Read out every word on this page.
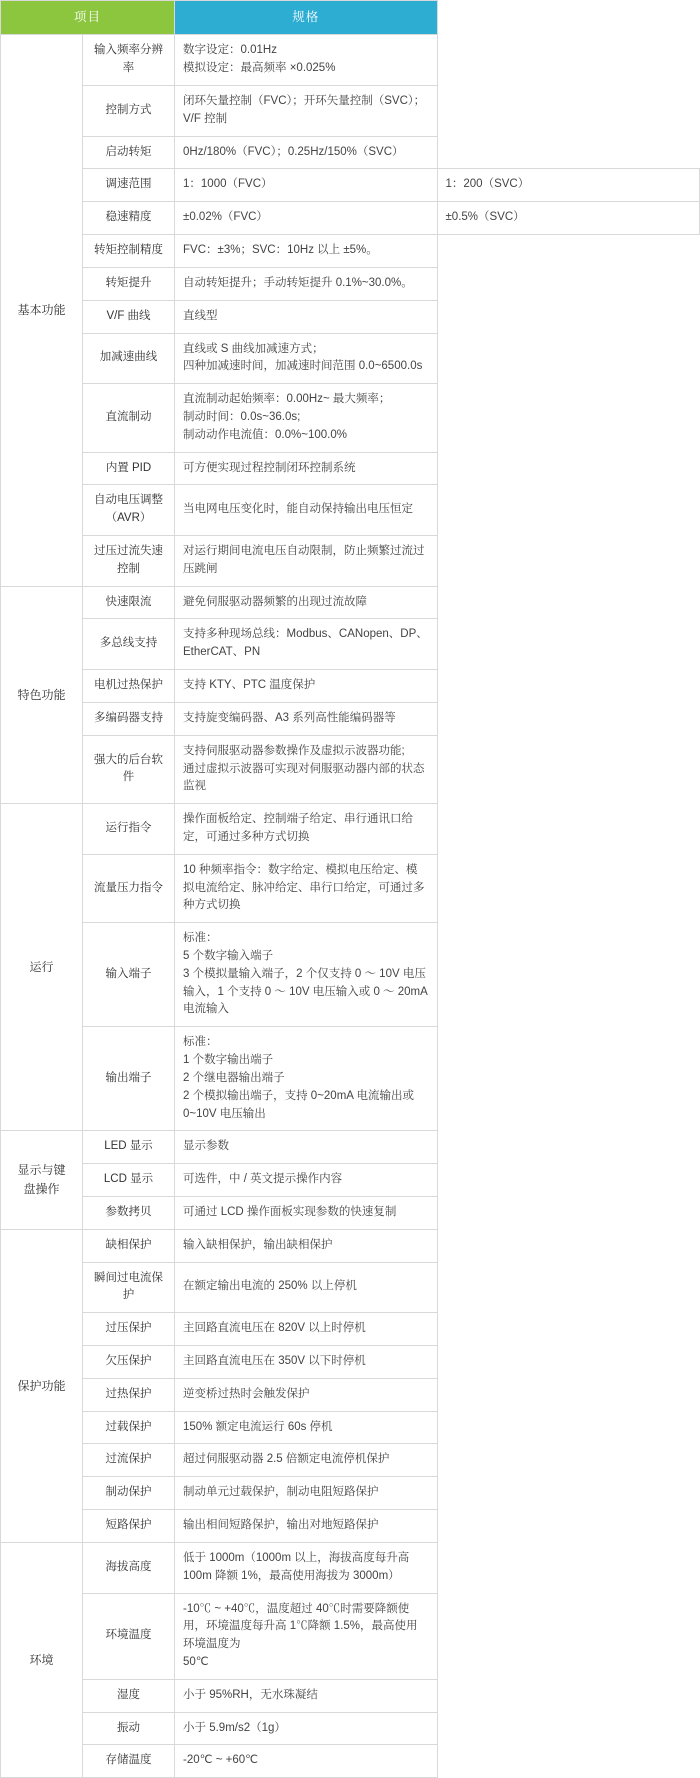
项目		规格	
基本功能	输入频率分辨率	数字设定：0.01Hz
模拟设定：最高频率 ×0.025%	
	控制方式	闭环矢量控制（FVC）；开环矢量控制（SVC）；V/F 控制	
	启动转矩	0Hz/180%（FVC）；0.25Hz/150%（SVC）	
	调速范围	1：1000（FVC）	1：200（SVC）
	稳速精度	±0.02%（FVC）	±0.5%（SVC）
	转矩控制精度	FVC：±3%；SVC：10Hz 以上 ±5%。	
	转矩提升	自动转矩提升；手动转矩提升 0.1%~30.0%。	
	V/F 曲线	直线型	
	加减速曲线	直线或 S 曲线加减速方式；
四种加减速时间，加减速时间范围 0.0~6500.0s	
	直流制动	直流制动起始频率：0.00Hz~ 最大频率；
制动时间：0.0s~36.0s;
制动动作电流值：0.0%~100.0%	
	内置 PID	可方便实现过程控制闭环控制系统	
	自动电压调整
（AVR）	当电网电压变化时，能自动保持输出电压恒定	
	过压过流失速控制	对运行期间电流电压自动限制，防止频繁过流过压跳闸	
特色功能	快速限流	避免伺服驱动器频繁的出现过流故障	
	多总线支持	支持多种现场总线：Modbus、CANopen、DP、EtherCAT、PN	
	电机过热保护	支持 KTY、PTC 温度保护	
	多编码器支持	支持旋变编码器、A3 系列高性能编码器等	
	强大的后台软件	支持伺服驱动器参数操作及虚拟示波器功能;
通过虚拟示波器可实现对伺服驱动器内部的状态监视	
运行	运行指令	操作面板给定、控制端子给定、串行通讯口给定，可通过多种方式切换	
	流量压力指令	10 种频率指令：数字给定、模拟电压给定、模拟电流给定、脉冲给定、串行口给定，可通过多种方式切换	
	输入端子	标准：
5 个数字输入端子
3 个模拟量输入端子，2 个仅支持 0 ～ 10V 电压输入，1 个支持 0 ～ 10V 电压输入或 0 ～ 20mA 电流输入	
	输出端子	标准：
1 个数字输出端子
2 个继电器输出端子
2 个模拟输出端子，支持 0~20mA 电流输出或 0~10V 电压输出	
显示与键
盘操作	LED 显示	显示参数	
	LCD 显示	可选件，中 / 英文提示操作内容	
	参数拷贝	可通过 LCD 操作面板实现参数的快速复制	
保护功能	缺相保护	输入缺相保护，输出缺相保护	
	瞬间过电流保护	在额定输出电流的 250% 以上停机	
	过压保护	主回路直流电压在 820V 以上时停机	
	欠压保护	主回路直流电压在 350V 以下时停机	
	过热保护	逆变桥过热时会触发保护	
	过载保护	150% 额定电流运行 60s 停机	
	过流保护	超过伺服驱动器 2.5 倍额定电流停机保护	
	制动保护	制动单元过载保护，制动电阻短路保护	
	短路保护	输出相间短路保护，输出对地短路保护	
环境	海拔高度	低于 1000m（1000m 以上，海拔高度每升高 100m 降额 1%，最高使用海拔为 3000m）	
	环境温度	-10℃ ~ +40℃，温度超过 40℃时需要降额使用，环境温度每升高 1℃降额 1.5%，最高使用环境温度为
50℃	
	湿度	小于 95%RH，无水珠凝结	
	振动	小于 5.9m/s2（1g）	
	存储温度	-20℃ ~ +60℃	
